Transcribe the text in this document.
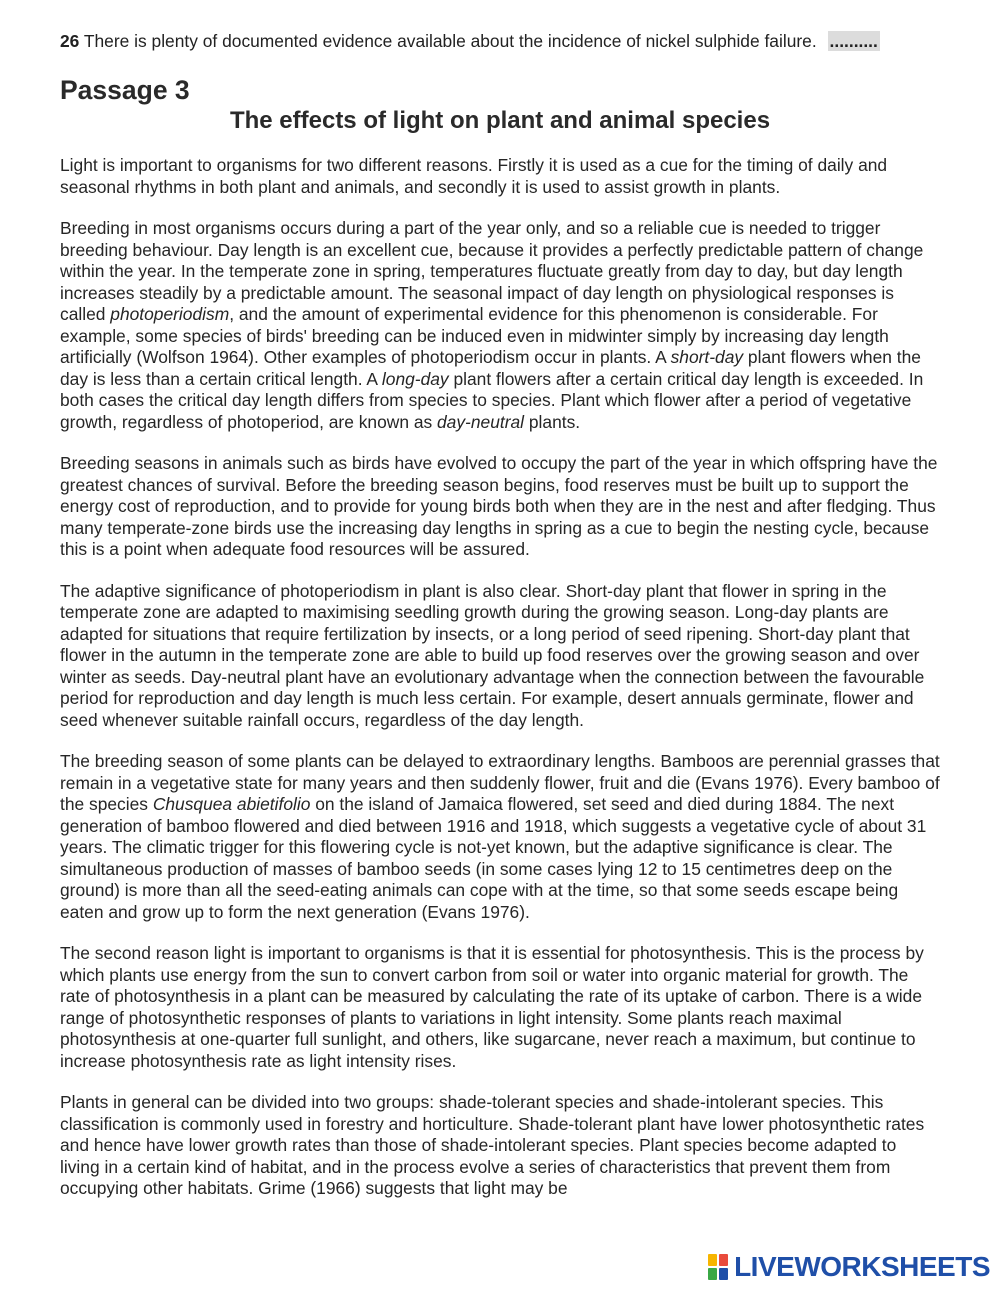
26 There is plenty of documented evidence available about the incidence of nickel sulphide failure. ..........
Passage 3
The effects of light on plant and animal species

Light is important to organisms for two different reasons. Firstly it is used as a cue for the timing of daily and seasonal rhythms in both plant and animals, and secondly it is used to assist growth in plants.

Breeding in most organisms occurs during a part of the year only, and so a reliable cue is needed to trigger breeding behaviour. Day length is an excellent cue, because it provides a perfectly predictable pattern of change within the year. In the temperate zone in spring, temperatures fluctuate greatly from day to day, but day length increases steadily by a predictable amount. The seasonal impact of day length on physiological responses is called photoperiodism, and the amount of experimental evidence for this phenomenon is considerable. For example, some species of birds' breeding can be induced even in midwinter simply by increasing day length artificially (Wolfson 1964). Other examples of photoperiodism occur in plants. A short-day plant flowers when the day is less than a certain critical length. A long-day plant flowers after a certain critical day length is exceeded. In both cases the critical day length differs from species to species. Plant which flower after a period of vegetative growth, regardless of photoperiod, are known as day-neutral plants.

Breeding seasons in animals such as birds have evolved to occupy the part of the year in which offspring have the greatest chances of survival. Before the breeding season begins, food reserves must be built up to support the energy cost of reproduction, and to provide for young birds both when they are in the nest and after fledging. Thus many temperate-zone birds use the increasing day lengths in spring as a cue to begin the nesting cycle, because this is a point when adequate food resources will be assured.

The adaptive significance of photoperiodism in plant is also clear. Short-day plant that flower in spring in the temperate zone are adapted to maximising seedling growth during the growing season. Long-day plants are adapted for situations that require fertilization by insects, or a long period of seed ripening. Short-day plant that flower in the autumn in the temperate zone are able to build up food reserves over the growing season and over winter as seeds. Day-neutral plant have an evolutionary advantage when the connection between the favourable period for reproduction and day length is much less certain. For example, desert annuals germinate, flower and seed whenever suitable rainfall occurs, regardless of the day length.

The breeding season of some plants can be delayed to extraordinary lengths. Bamboos are perennial grasses that remain in a vegetative state for many years and then suddenly flower, fruit and die (Evans 1976). Every bamboo of the species Chusquea abietifolio on the island of Jamaica flowered, set seed and died during 1884. The next generation of bamboo flowered and died between 1916 and 1918, which suggests a vegetative cycle of about 31 years. The climatic trigger for this flowering cycle is not-yet known, but the adaptive significance is clear. The simultaneous production of masses of bamboo seeds (in some cases lying 12 to 15 centimetres deep on the ground) is more than all the seed-eating animals can cope with at the time, so that some seeds escape being eaten and grow up to form the next generation (Evans 1976).

The second reason light is important to organisms is that it is essential for photosynthesis. This is the process by which plants use energy from the sun to convert carbon from soil or water into organic material for growth. The rate of photosynthesis in a plant can be measured by calculating the rate of its uptake of carbon. There is a wide range of photosynthetic responses of plants to variations in light intensity. Some plants reach maximal photosynthesis at one-quarter full sunlight, and others, like sugarcane, never reach a maximum, but continue to increase photosynthesis rate as light intensity rises.

Plants in general can be divided into two groups: shade-tolerant species and shade-intolerant species. This classification is commonly used in forestry and horticulture. Shade-tolerant plant have lower photosynthetic rates and hence have lower growth rates than those of shade-intolerant species. Plant species become adapted to living in a certain kind of habitat, and in the process evolve a series of characteristics that prevent them from occupying other habitats. Grime (1966) suggests that light may be

LIVEWORKSHEETS
